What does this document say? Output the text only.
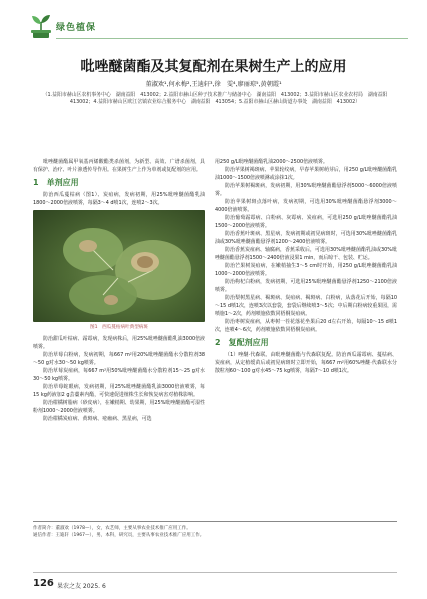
绿色植保
吡唑醚菌酯及其复配剂在果树生产上的应用
董淑欢¹,何永梅²,王迪轩³,徐　雯⁴,廖丽琼⁵,黄朝霞¹
（1.益阳市赫山区农机事务中心　湖南益阳　413002；2.益阳市赫山区种子技术推广与储备中心　湖南益阳　413002；3.益阳市赫山区农业农村局　湖南益阳　413002；4.益阳市赫山区欧江岔镇农业综合服务中心　湖南益阳　413054；5.益阳市赫山区赫山街道办事处　湖南益阳　413002）

吡唑醚菌酯属甲氧基丙烯酸酯类杀菌剂，为新型、高效、广谱杀菌剂，具有保护、治疗、叶片渗透传导作用。在果树生产上作为单剂或复配剂的应用。

1　单剂应用

防治西瓜蔓枯病（图1）、炭疽病，发病初期，用25%吡唑醚菌酯乳油1800～2000倍液喷雾，每隔3～4 d喷1次，连喷2～3次。

图1　西瓜蔓枯病叶典型病斑

防治甜瓜叶枯病、霜霉病，发现病株后，用25%吡唑醚菌酯乳油3000倍液喷雾。

防治草莓白粉病，发病初期，每667 m²用20%吡唑醚菌酯水分散粒剂38～50 g对水30～50 kg喷雾。

防治草莓炭疽病，每667 m²用50%吡唑醚菌酯水分散粒剂15～25 g对水30～50 kg喷雾。

防治草莓蛇眼病，发病初期，用25%吡唑醚菌酯乳油3000倍液喷雾，每15 kg药液加2 g芸薹素内酯，可快速促进植株生长和恢复病害对植株影响。

防治柑橘树脂病（砂皮病），在嫩梢期、幼果期，用25%吡唑醚菌酯可湿性粉剂1000～2000倍液喷雾。

防治柑橘炭疽病、黄斑病、疮痂病、黑星病，可选

用250 g/L吡唑醚菌酯乳油2000～2500倍液喷雾。

防治苹果树褐斑病、苹果轮纹病，早春苹果树萌芽后，用250 g/L吡唑醚菌酯乳油1000～1500倍液喷淋或涂抹1次。

防治苹果树褐斑病，发病初期，用30%吡唑醚菌酯悬浮剂5000～6000倍液喷雾。

防治苹果树斑点落叶病，发病初期，可选用30%吡唑醚菌酯悬浮剂3000～4000倍液喷雾。

防治葡萄霜霉病、白粉病、灰霉病、炭疽病，可选用250 g/L吡唑醚菌酯乳油1500～2000倍液喷雾。

防治香蕉叶斑病、黑星病，发病初期或初见病斑时，可选用30%吡唑醚菌酯乳油或30%吡唑醚菌酯悬浮剂1200～2400倍液喷雾。

防治香蕉炭疽病、轴腐病，香蕉采收后，可选用30%吡唑醚菌酯乳油或30%吡唑醚菌酯悬浮剂1500～2400倍液浸果1 min，而后晾干、包装、贮运。

防治芒果树炭疽病，在嫩梢抽生3～5 cm时开始，用250 g/L吡唑醚菌酯乳油1000～2000倍液喷雾。

防治枸杞白粉病，发病初期，可选用25%吡唑醚菌酯悬浮剂1250～2100倍液喷雾。

防治梨树黑星病、褐斑病、炭疽病、褐斑病、白粉病，从落花后开始，每隔10～15 d喷1次，连喷3次以套袋，套袋后继续喷3～5次；中后期白粉病较重果园，需喷施1～2次，药剂喷施依数同梧桐炭疽病。

防治枣树炭疽病，从枣树一茬花落花坐果后20 d左右开始，每隔10～15 d喷1次，连喷4～6次，药剂喷施依数同梧桐炭疽病。

2　复配剂应用

（1）唑醚·代森联。由吡唑醚菌酯与代森联复配。防治西瓜霜霉病、蔓枯病、炭疽病，从定植缓苗后或初见病斑时立即开始，每667 m²用60%唑醚·代森联水分散粒剂60～100 g对水45～75 kg喷雾，每隔7～10 d喷1次。

作者简介：董淑欢（1978—），女，农艺师，主要从事农业技术推广应用工作。
通信作者：王迪轩（1967—），男，本科，研究员，主要从事农业技术推广应用工作。
126 果农之友 2025. 6
